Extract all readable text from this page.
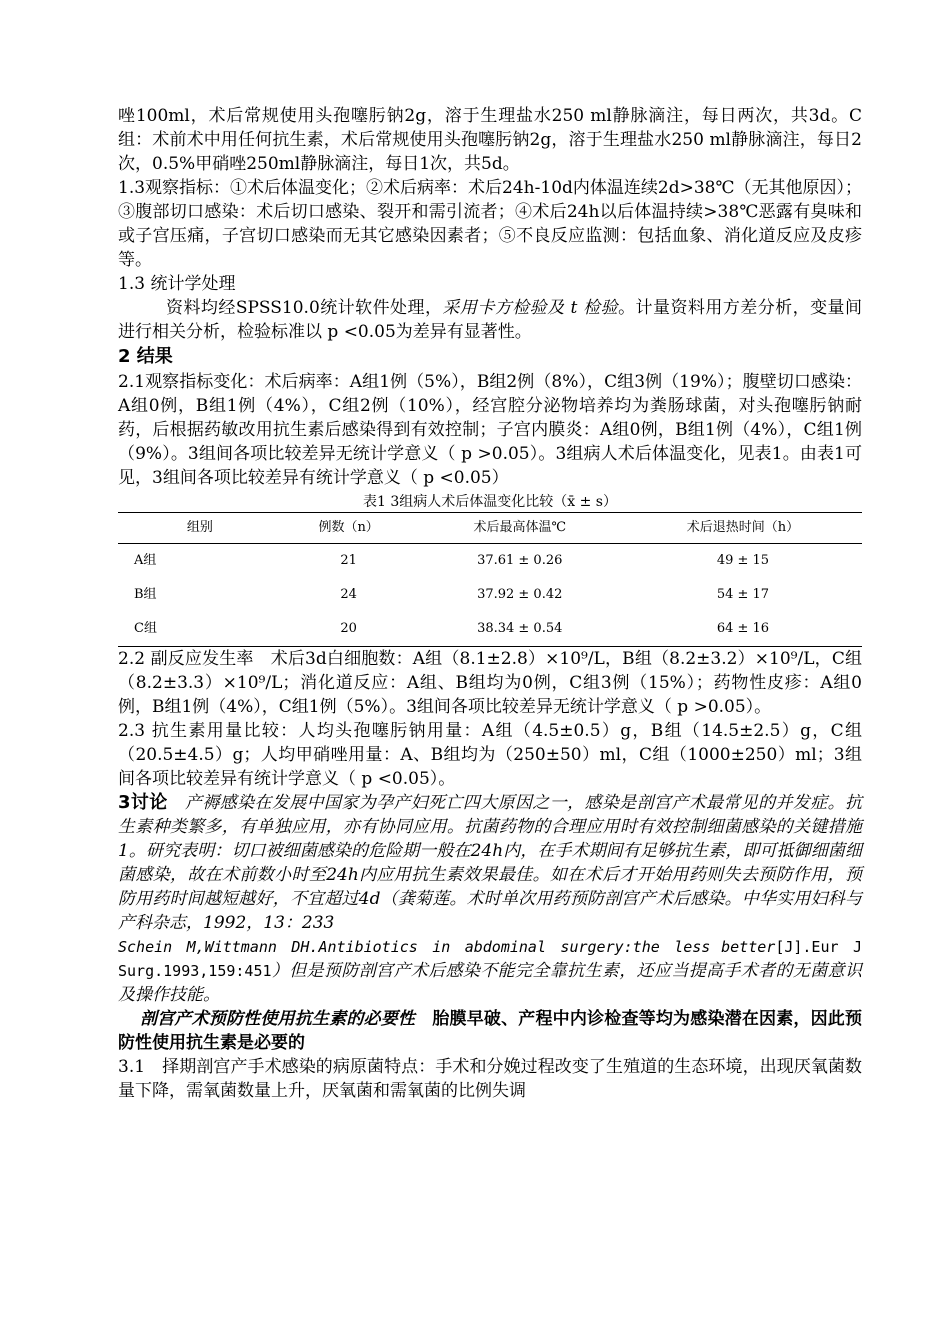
唑100ml，术后常规使用头孢噻肟钠2g，溶于生理盐水250 ml静脉滴注，每日两次，共3d。C组：术前术中用任何抗生素，术后常规使用头孢噻肟钠2g，溶于生理盐水250 ml静脉滴注，每日2次，0.5%甲硝唑250ml静脉滴注，每日1次，共5d。

1.3观察指标：①术后体温变化；②术后病率：术后24h-10d内体温连续2d>38℃（无其他原因）；③腹部切口感染：术后切口感染、裂开和需引流者；④术后24h以后体温持续>38℃恶露有臭味和或子宫压痛，子宫切口感染而无其它感染因素者；⑤不良反应监测：包括血象、消化道反应及皮疹等。

1.3 统计学处理

资料均经SPSS10.0统计软件处理，采用卡方检验及 t 检验。计量资料用方差分析，变量间进行相关分析，检验标准以 p <0.05为差异有显著性。

2 结果

2.1观察指标变化：术后病率：A组1例（5%），B组2例（8%），C组3例（19%）；腹壁切口感染：A组0例，B组1例（4%），C组2例（10%），经宫腔分泌物培养均为粪肠球菌，对头孢噻肟钠耐药，后根据药敏改用抗生素后感染得到有效控制；子宫内膜炎：A组0例，B组1例（4%），C组1例（9%）。3组间各项比较差异无统计学意义（ p >0.05）。3组病人术后体温变化，见表1。由表1可见，3组间各项比较差异有统计学意义（ p <0.05）

表1 3组病人术后体温变化比较（x̄ ± s）

组别	例数（n）	术后最高体温℃	术后退热时间（h）
A组	21	37.61 ± 0.26	49 ± 15
B组	24	37.92 ± 0.42	54 ± 17
C组	20	38.34 ± 0.54	64 ± 16

2.2 副反应发生率　术后3d白细胞数：A组（8.1±2.8）×10⁹/L，B组（8.2±3.2）×10⁹/L，C组（8.2±3.3）×10⁹/L；消化道反应：A组、B组均为0例，C组3例（15%）；药物性皮疹：A组0例，B组1例（4%），C组1例（5%）。3组间各项比较差异无统计学意义（ p >0.05）。

2.3 抗生素用量比较：人均头孢噻肟钠用量：A组（4.5±0.5）g，B组（14.5±2.5）g，C组（20.5±4.5）g；人均甲硝唑用量：A、B组均为（250±50）ml，C组（1000±250）ml；3组间各项比较差异有统计学意义（ p <0.05）。

3讨论　 产褥感染在发展中国家为孕产妇死亡四大原因之一，感染是剖宫产术最常见的并发症。抗生素种类繁多，有单独应用，亦有协同应用。抗菌药物的合理应用时有效控制细菌感染的关键措施1。研究表明：切口被细菌感染的危险期一般在24h内，在手术期间有足够抗生素，即可抵御细菌细菌感染，故在术前数小时至24h内应用抗生素效果最佳。如在术后才开始用药则失去预防作用，预防用药时间越短越好，不宜超过4d（龚菊莲。术时单次用药预防剖宫产术后感染。中华实用妇科与产科杂志，1992，13：233

Schein M,Wittmann DH.Antibiotics in abdominal surgery:the less better[J].Eur J Surg.1993,159:451）但是预防剖宫产术后感染不能完全靠抗生素，还应当提高手术者的无菌意识及操作技能。

剖宫产术预防性使用抗生素的必要性　胎膜早破、产程中内诊检查等均为感染潜在因素，因此预防性使用抗生素是必要的

3.1　择期剖宫产手术感染的病原菌特点：手术和分娩过程改变了生殖道的生态环境，出现厌氧菌数量下降，需氧菌数量上升，厌氧菌和需氧菌的比例失调
